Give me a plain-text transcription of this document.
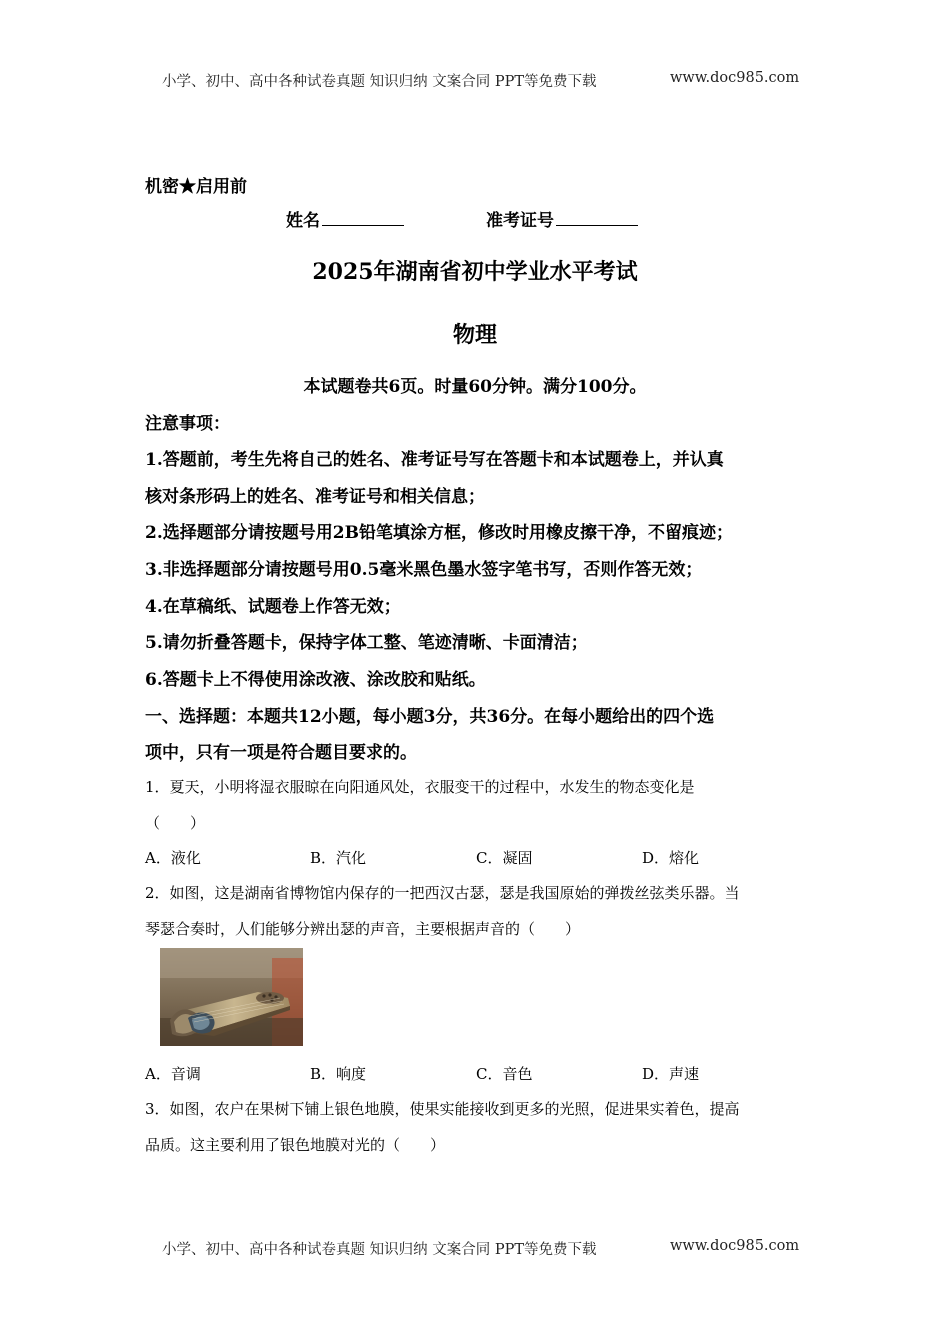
小学、初中、高中各种试卷真题 知识归纳 文案合同 PPT等免费下载	www.doc985.com
机密★启用前
姓名	准考证号
2025年湖南省初中学业水平考试
物理
本试题卷共6页。时量60分钟。满分100分。
注意事项：
1.答题前，考生先将自己的姓名、准考证号写在答题卡和本试题卷上，并认真
核对条形码上的姓名、准考证号和相关信息；
2.选择题部分请按题号用2B铅笔填涂方框，修改时用橡皮擦干净，不留痕迹；
3.非选择题部分请按题号用0.5毫米黑色墨水签字笔书写，否则作答无效；
4.在草稿纸、试题卷上作答无效；
5.请勿折叠答题卡，保持字体工整、笔迹清晰、卡面清洁；
6.答题卡上不得使用涂改液、涂改胶和贴纸。
一、选择题：本题共12小题，每小题3分，共36分。在每小题给出的四个选
项中，只有一项是符合题目要求的。
1．夏天，小明将湿衣服晾在向阳通风处，衣服变干的过程中，水发生的物态变化是
（　　）
A．液化	B．汽化	C．凝固	D．熔化
2．如图，这是湖南省博物馆内保存的一把西汉古瑟，瑟是我国原始的弹拨丝弦类乐器。当
琴瑟合奏时，人们能够分辨出瑟的声音，主要根据声音的（　　）
A．音调	B．响度	C．音色	D．声速
3．如图，农户在果树下铺上银色地膜，使果实能接收到更多的光照，促进果实着色，提高
品质。这主要利用了银色地膜对光的（　　）
小学、初中、高中各种试卷真题 知识归纳 文案合同 PPT等免费下载	www.doc985.com
